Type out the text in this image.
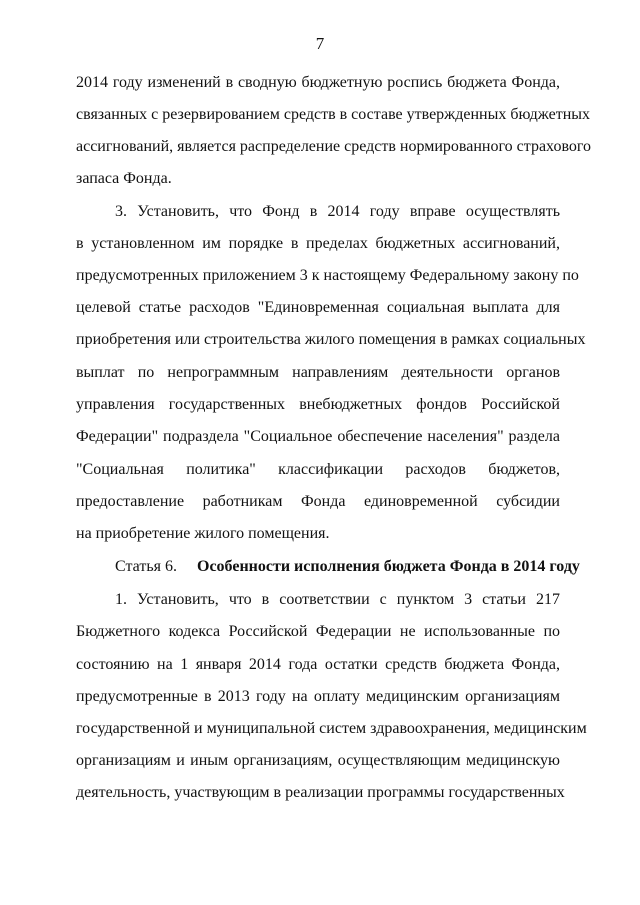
7
2014 году изменений в сводную бюджетную роспись бюджета Фонда,
связанных с резервированием средств в составе утвержденных бюджетных
ассигнований, является распределение средств нормированного страхового
запаса Фонда.
3. Установить, что Фонд в 2014 году вправе осуществлять
в установленном им порядке в пределах бюджетных ассигнований,
предусмотренных приложением 3 к настоящему Федеральному закону по
целевой статье расходов "Единовременная социальная выплата для
приобретения или строительства жилого помещения в рамках социальных
выплат по непрограммным направлениям деятельности органов
управления государственных внебюджетных фондов Российской
Федерации" подраздела "Социальное обеспечение населения" раздела
"Социальная политика" классификации расходов бюджетов,
предоставление работникам Фонда единовременной субсидии
на приобретение жилого помещения.
Статья 6. Особенности исполнения бюджета Фонда в 2014 году
1. Установить, что в соответствии с пунктом 3 статьи 217
Бюджетного кодекса Российской Федерации не использованные по
состоянию на 1 января 2014 года остатки средств бюджета Фонда,
предусмотренные в 2013 году на оплату медицинским организациям
государственной и муниципальной систем здравоохранения, медицинским
организациям и иным организациям, осуществляющим медицинскую
деятельность, участвующим в реализации программы государственных
